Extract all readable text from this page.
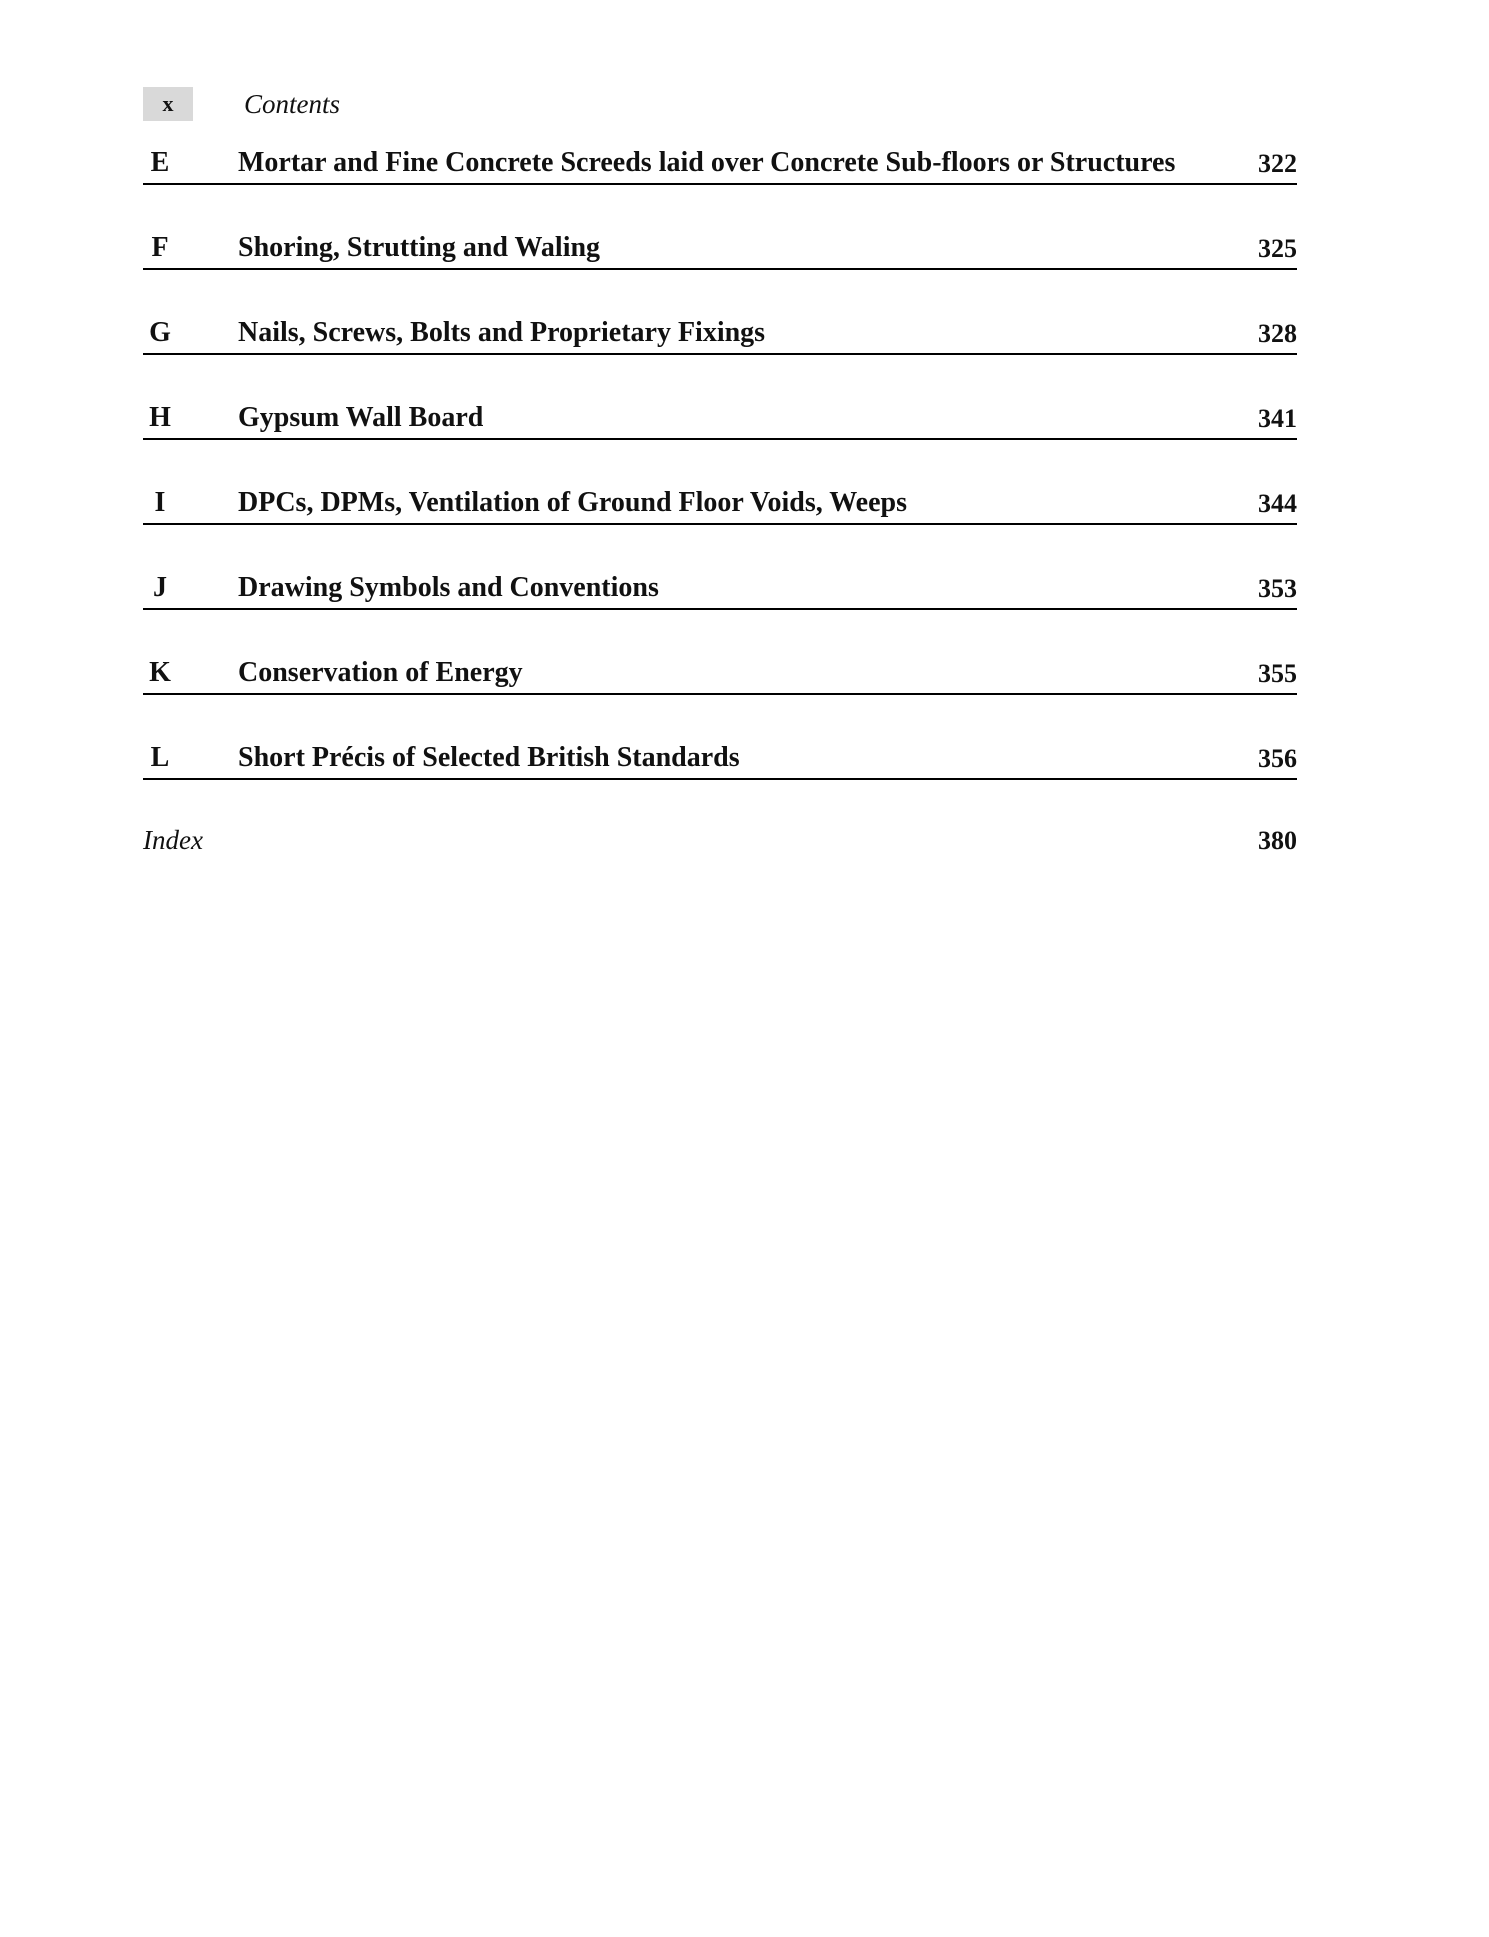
x	Contents
E Mortar and Fine Concrete Screeds laid over Concrete Sub-floors or Structures	322
F	Shoring, Strutting and Waling	325
G Nails, Screws, Bolts and Proprietary Fixings	328
H Gypsum Wall Board	341
I	DPCs, DPMs, Ventilation of Ground Floor Voids, Weeps	344
J	Drawing Symbols and Conventions	353
K Conservation of Energy	355
L Short Précis of Selected British Standards	356
Index	380
